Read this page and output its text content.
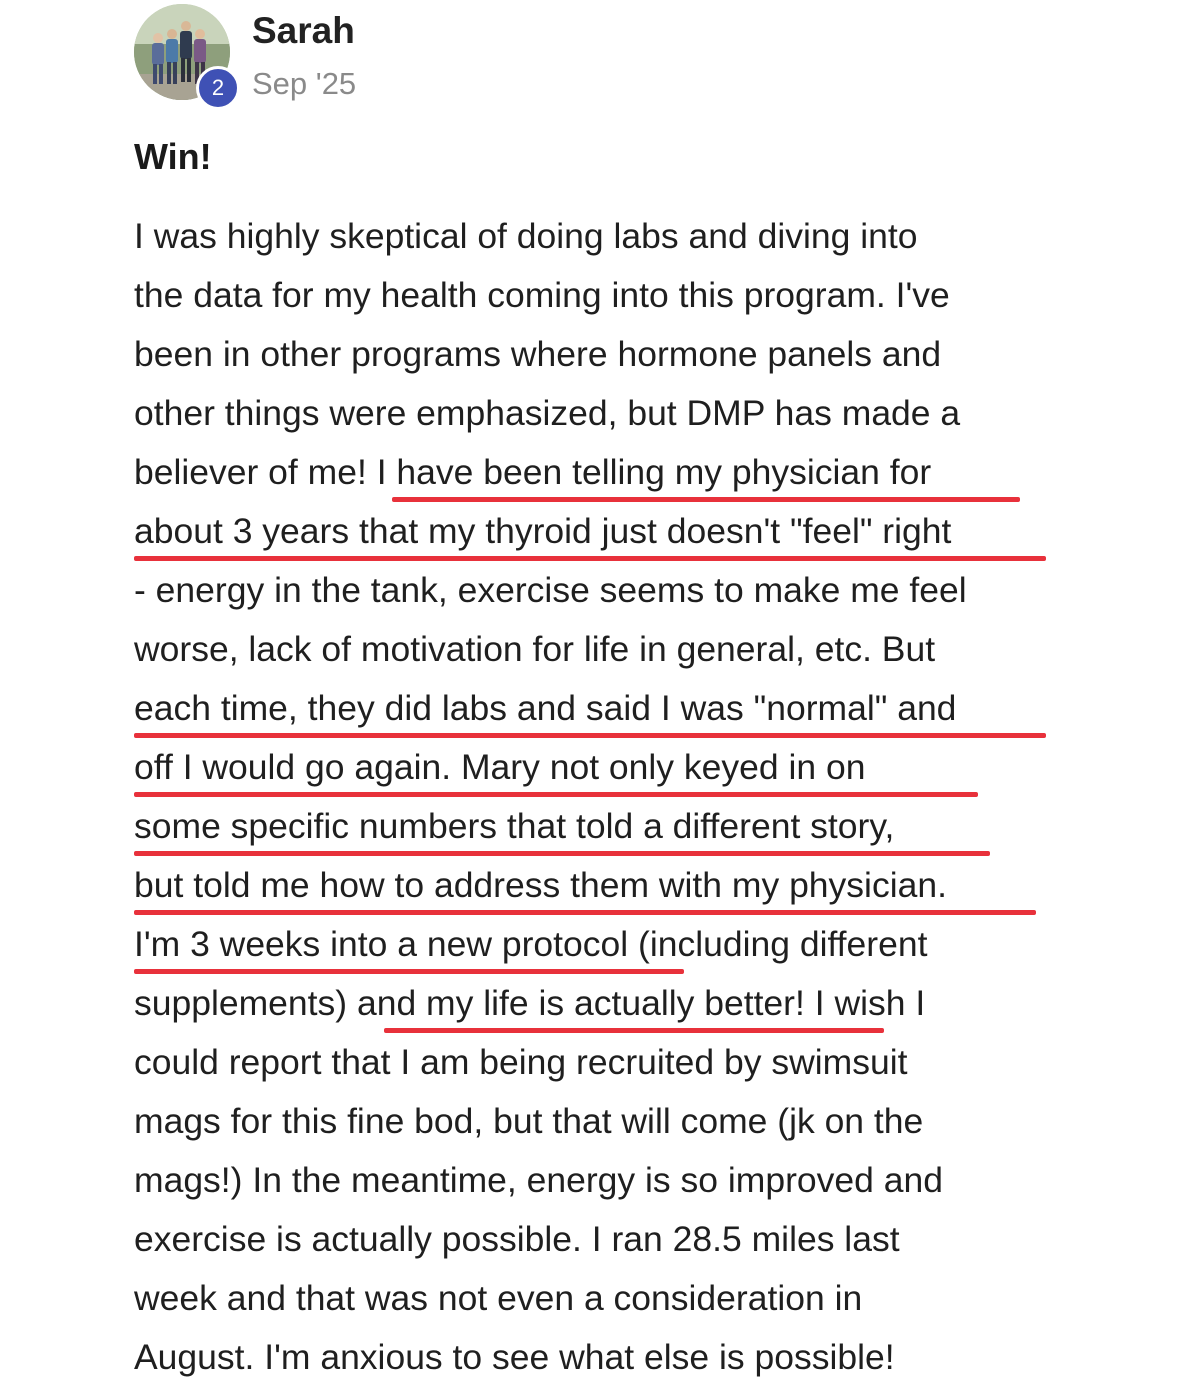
2
Sarah
Sep '25
Win!
I was highly skeptical of doing labs and diving into
the data for my health coming into this program. I've
been in other programs where hormone panels and
other things were emphasized, but DMP has made a
believer of me! I have been telling my physician for
about 3 years that my thyroid just doesn't "feel" right
- energy in the tank, exercise seems to make me feel
worse, lack of motivation for life in general, etc. But
each time, they did labs and said I was "normal" and
off I would go again. Mary not only keyed in on
some specific numbers that told a different story,
but told me how to address them with my physician.
I'm 3 weeks into a new protocol (including different
supplements) and my life is actually better! I wish I
could report that I am being recruited by swimsuit
mags for this fine bod, but that will come (jk on the
mags!) In the meantime, energy is so improved and
exercise is actually possible. I ran 28.5 miles last
week and that was not even a consideration in
August. I'm anxious to see what else is possible!
